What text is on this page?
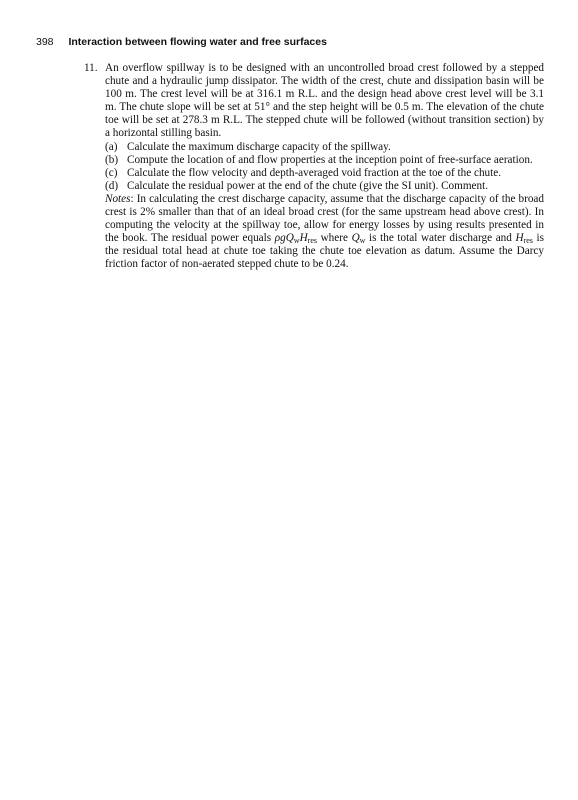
398 Interaction between flowing water and free surfaces
11. An overflow spillway is to be designed with an uncontrolled broad crest followed by a stepped chute and a hydraulic jump dissipator. The width of the crest, chute and dissipation basin will be 100 m. The crest level will be at 316.1 m R.L. and the design head above crest level will be 3.1 m. The chute slope will be set at 51° and the step height will be 0.5 m. The elevation of the chute toe will be set at 278.3 m R.L. The stepped chute will be followed (without transition section) by a horizontal stilling basin.

(a) Calculate the maximum discharge capacity of the spillway.
(b) Compute the location of and flow properties at the inception point of free-surface aeration.
(c) Calculate the flow velocity and depth-averaged void fraction at the toe of the chute.
(d) Calculate the residual power at the end of the chute (give the SI unit). Comment.

Notes: In calculating the crest discharge capacity, assume that the discharge capacity of the broad crest is 2% smaller than that of an ideal broad crest (for the same upstream head above crest). In computing the velocity at the spillway toe, allow for energy losses by using results presented in the book. The residual power equals $\rho gQ_wH_{res}$ where $Q_w$ is the total water discharge and $H_{res}$ is the residual total head at chute toe taking the chute toe elevation as datum. Assume the Darcy friction factor of non-aerated stepped chute to be 0.24.
